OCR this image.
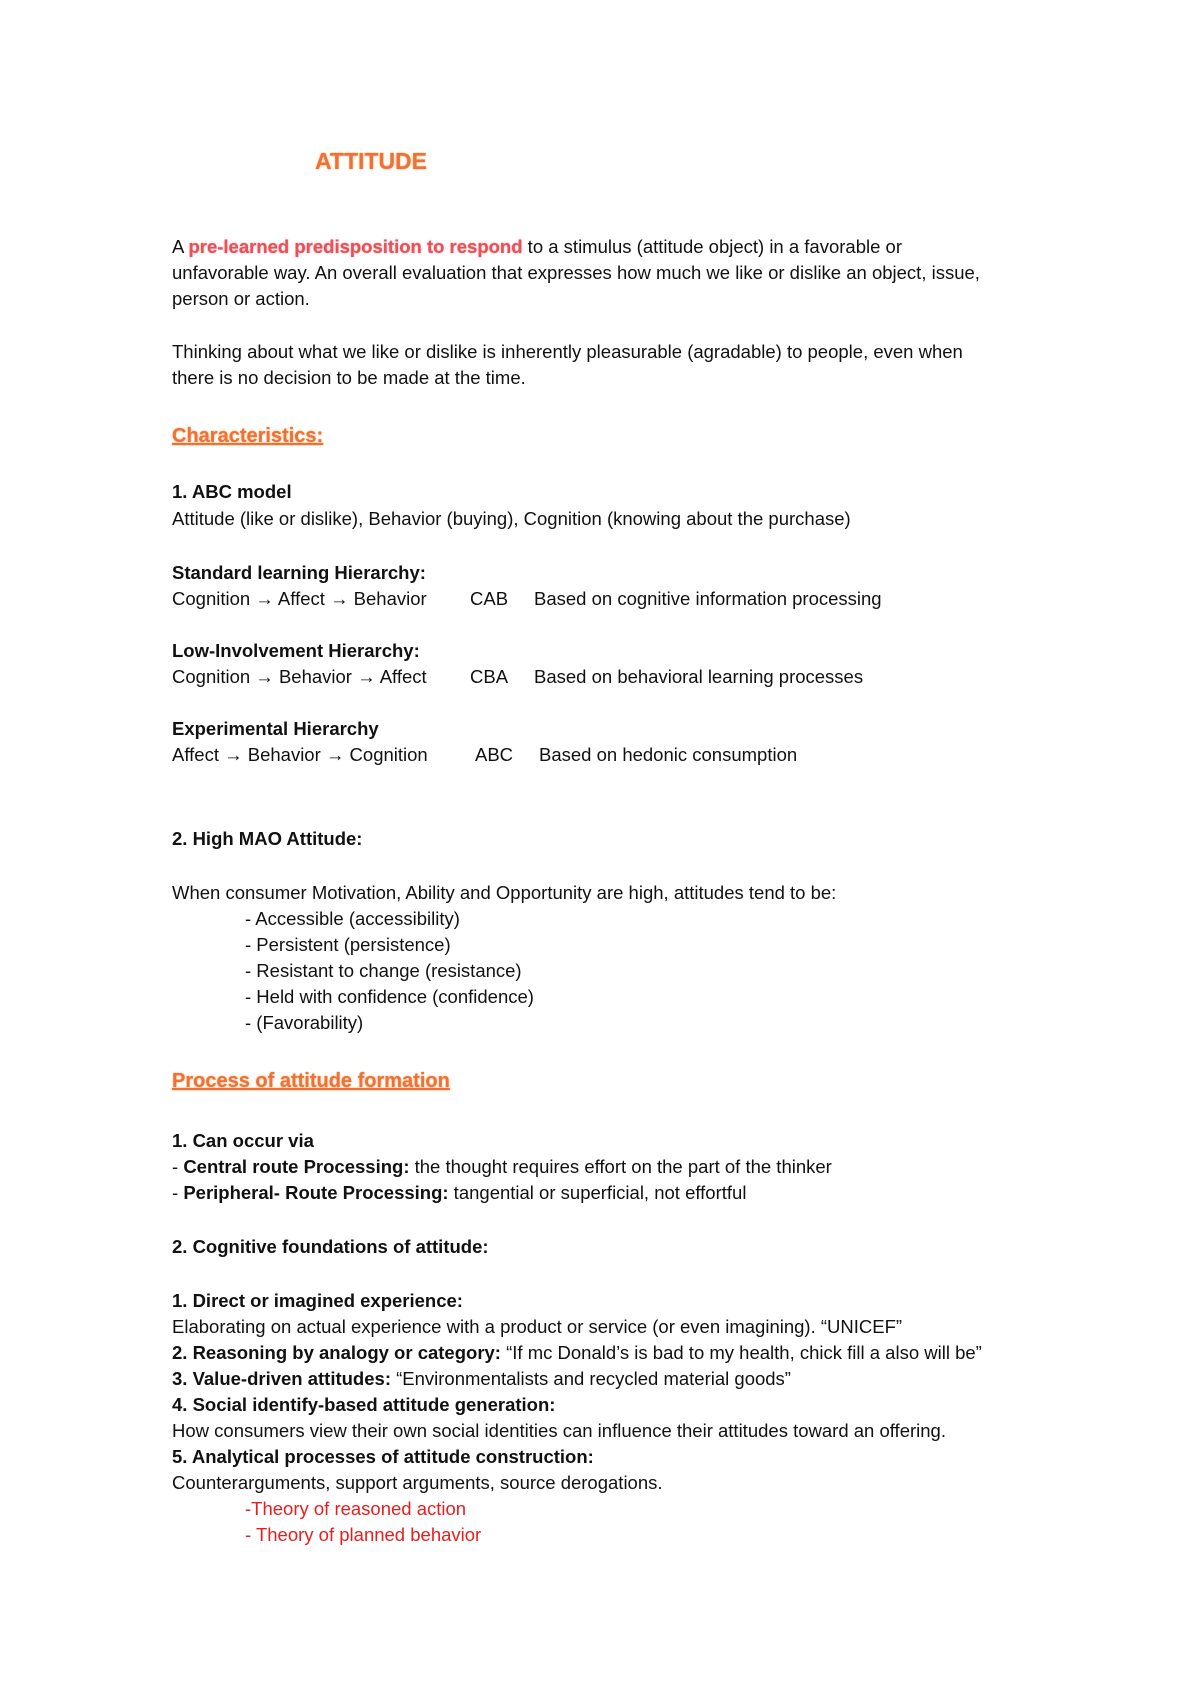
ATTITUDE
A pre-learned predisposition to respond to a stimulus (attitude object) in a favorable or
unfavorable way. An overall evaluation that expresses how much we like or dislike an object, issue,
person or action.
Thinking about what we like or dislike is inherently pleasurable (agradable) to people, even when
there is no decision to be made at the time.
Characteristics:
1. ABC model
Attitude (like or dislike), Behavior (buying), Cognition (knowing about the purchase)
Standard learning Hierarchy:
Cognition → Affect → Behavior CAB Based on cognitive information processing
Low-Involvement Hierarchy:
Cognition → Behavior → Affect CBA Based on behavioral learning processes
Experimental Hierarchy
Affect → Behavior → Cognition	ABC Based on hedonic consumption
2. High MAO Attitude:
When consumer Motivation, Ability and Opportunity are high, attitudes tend to be:
- Accessible (accessibility)
- Persistent (persistence)
- Resistant to change (resistance)
- Held with confidence (confidence)
- (Favorability)
Process of attitude formation
1. Can occur via
- Central route Processing: the thought requires effort on the part of the thinker
- Peripheral- Route Processing: tangential or superficial, not effortful
2. Cognitive foundations of attitude:
1. Direct or imagined experience:
Elaborating on actual experience with a product or service (or even imagining). “UNICEF”
2. Reasoning by analogy or category: “If mc Donald’s is bad to my health, chick fill a also will be”
3. Value-driven attitudes: “Environmentalists and recycled material goods”
4. Social identify-based attitude generation:
How consumers view their own social identities can influence their attitudes toward an offering.
5. Analytical processes of attitude construction:
Counterarguments, support arguments, source derogations.
-Theory of reasoned action
- Theory of planned behavior
